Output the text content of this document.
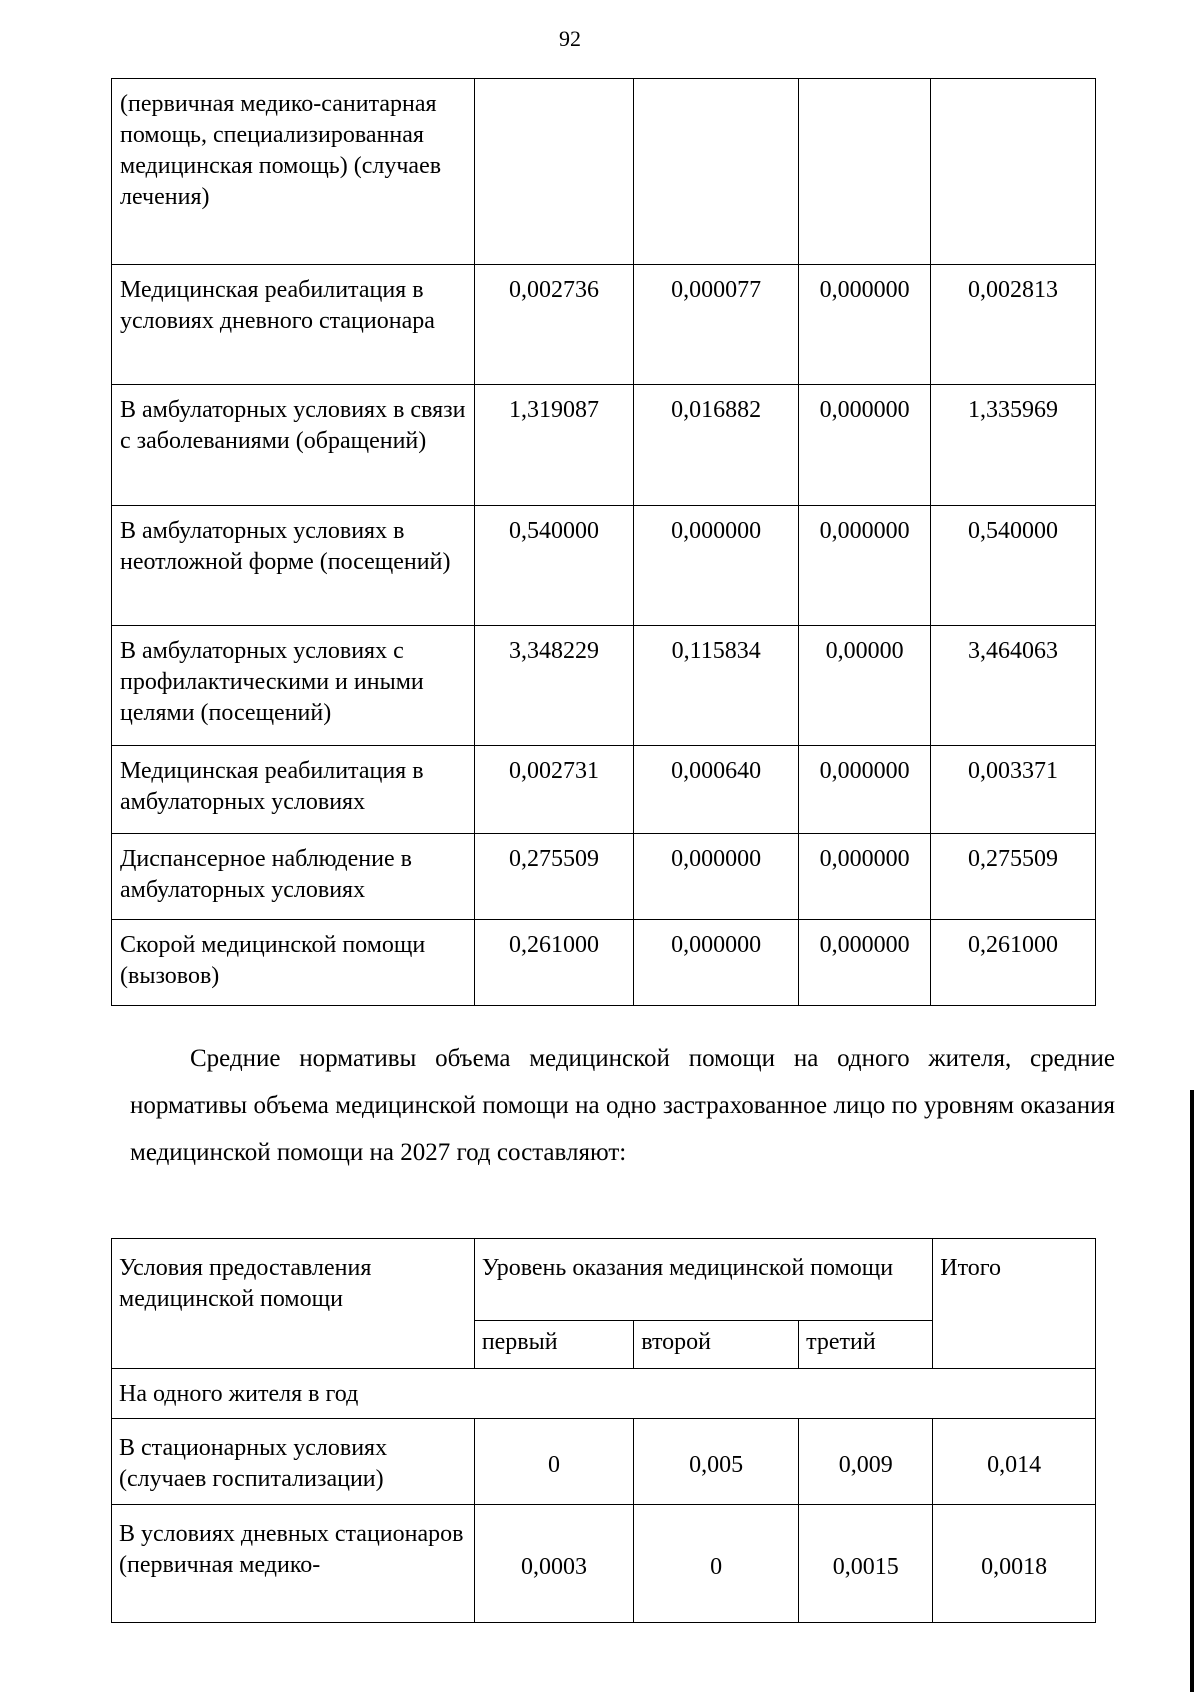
92
(первичная медико-санитарная помощь, специализированная медицинская помощь) (случаев лечения)				
Медицинская реабилитация в условиях дневного стационара	0,002736	0,000077	0,000000	0,002813
В амбулаторных условиях в связи с заболеваниями (обращений)	1,319087	0,016882	0,000000	1,335969
В амбулаторных условиях в неотложной форме (посещений)	0,540000	0,000000	0,000000	0,540000
В амбулаторных условиях с профилактическими и иными целями (посещений)	3,348229	0,115834	0,00000	3,464063
Медицинская реабилитация в амбулаторных условиях	0,002731	0,000640	0,000000	0,003371
Диспансерное наблюдение в амбулаторных условиях	0,275509	0,000000	0,000000	0,275509
Скорой медицинской помощи (вызовов)	0,261000	0,000000	0,000000	0,261000
Средние нормативы объема медицинской помощи на одного жителя, средние нормативы объема медицинской помощи на одно застрахованное лицо по уровням оказания медицинской помощи на 2027 год составляют:
Условия предоставления медицинской помощи	Уровень оказания медицинской помощи			Итого
	первый	второй	третий	
На одного жителя в год				
В стационарных условиях (случаев госпитализации)	0	0,005	0,009	0,014
В условиях дневных стационаров (первичная медико-	0,0003	0	0,0015	0,0018
